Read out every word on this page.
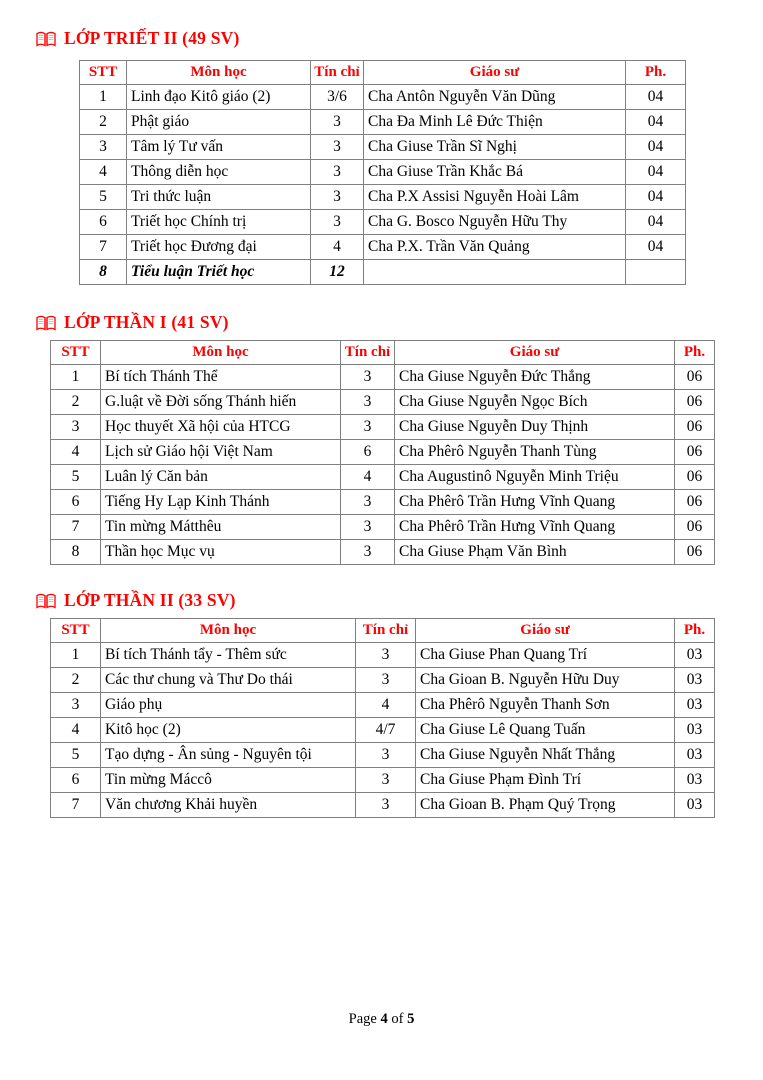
LỚP TRIẾT II (49 SV)
STT	Môn học	Tín chỉ	Giáo sư	Ph.
1	Linh đạo Kitô giáo (2)	3/6	Cha Antôn Nguyễn Văn Dũng	04
2	Phật giáo	3	Cha Đa Minh Lê Đức Thiện	04
3	Tâm lý Tư vấn	3	Cha Giuse Trần Sĩ Nghị	04
4	Thông diễn học	3	Cha Giuse Trần Khắc Bá	04
5	Tri thức luận	3	Cha P.X Assisi Nguyễn Hoài Lâm	04
6	Triết học Chính trị	3	Cha G. Bosco Nguyễn Hữu Thy	04
7	Triết học Đương đại	4	Cha P.X. Trần Văn Quảng	04
8	Tiểu luận Triết học	12		
LỚP THẦN I (41 SV)
STT	Môn học	Tín chỉ	Giáo sư	Ph.
1	Bí tích Thánh Thể	3	Cha Giuse Nguyễn Đức Thắng	06
2	G.luật về Đời sống Thánh hiến	3	Cha Giuse Nguyễn Ngọc Bích	06
3	Học thuyết Xã hội của HTCG	3	Cha Giuse Nguyễn Duy Thịnh	06
4	Lịch sử Giáo hội Việt Nam	6	Cha Phêrô Nguyễn Thanh Tùng	06
5	Luân lý Căn bản	4	Cha Augustinô Nguyễn Minh Triệu	06
6	Tiếng Hy Lạp Kinh Thánh	3	Cha Phêrô Trần Hưng Vĩnh Quang	06
7	Tin mừng Mátthêu	3	Cha Phêrô Trần Hưng Vĩnh Quang	06
8	Thần học Mục vụ	3	Cha Giuse Phạm Văn Bình	06
LỚP THẦN II (33 SV)
STT	Môn học	Tín chỉ	Giáo sư	Ph.
1	Bí tích Thánh tẩy - Thêm sức	3	Cha Giuse Phan Quang Trí	03
2	Các thư chung và Thư Do thái	3	Cha Gioan B. Nguyễn Hữu Duy	03
3	Giáo phụ	4	Cha Phêrô Nguyễn Thanh Sơn	03
4	Kitô học (2)	4/7	Cha Giuse Lê Quang Tuấn	03
5	Tạo dựng - Ân sủng - Nguyên tội	3	Cha Giuse Nguyễn Nhất Thắng	03
6	Tin mừng Máccô	3	Cha Giuse Phạm Đình Trí	03
7	Văn chương Khải huyền	3	Cha Gioan B. Phạm Quý Trọng	03
Page 4 of 5
